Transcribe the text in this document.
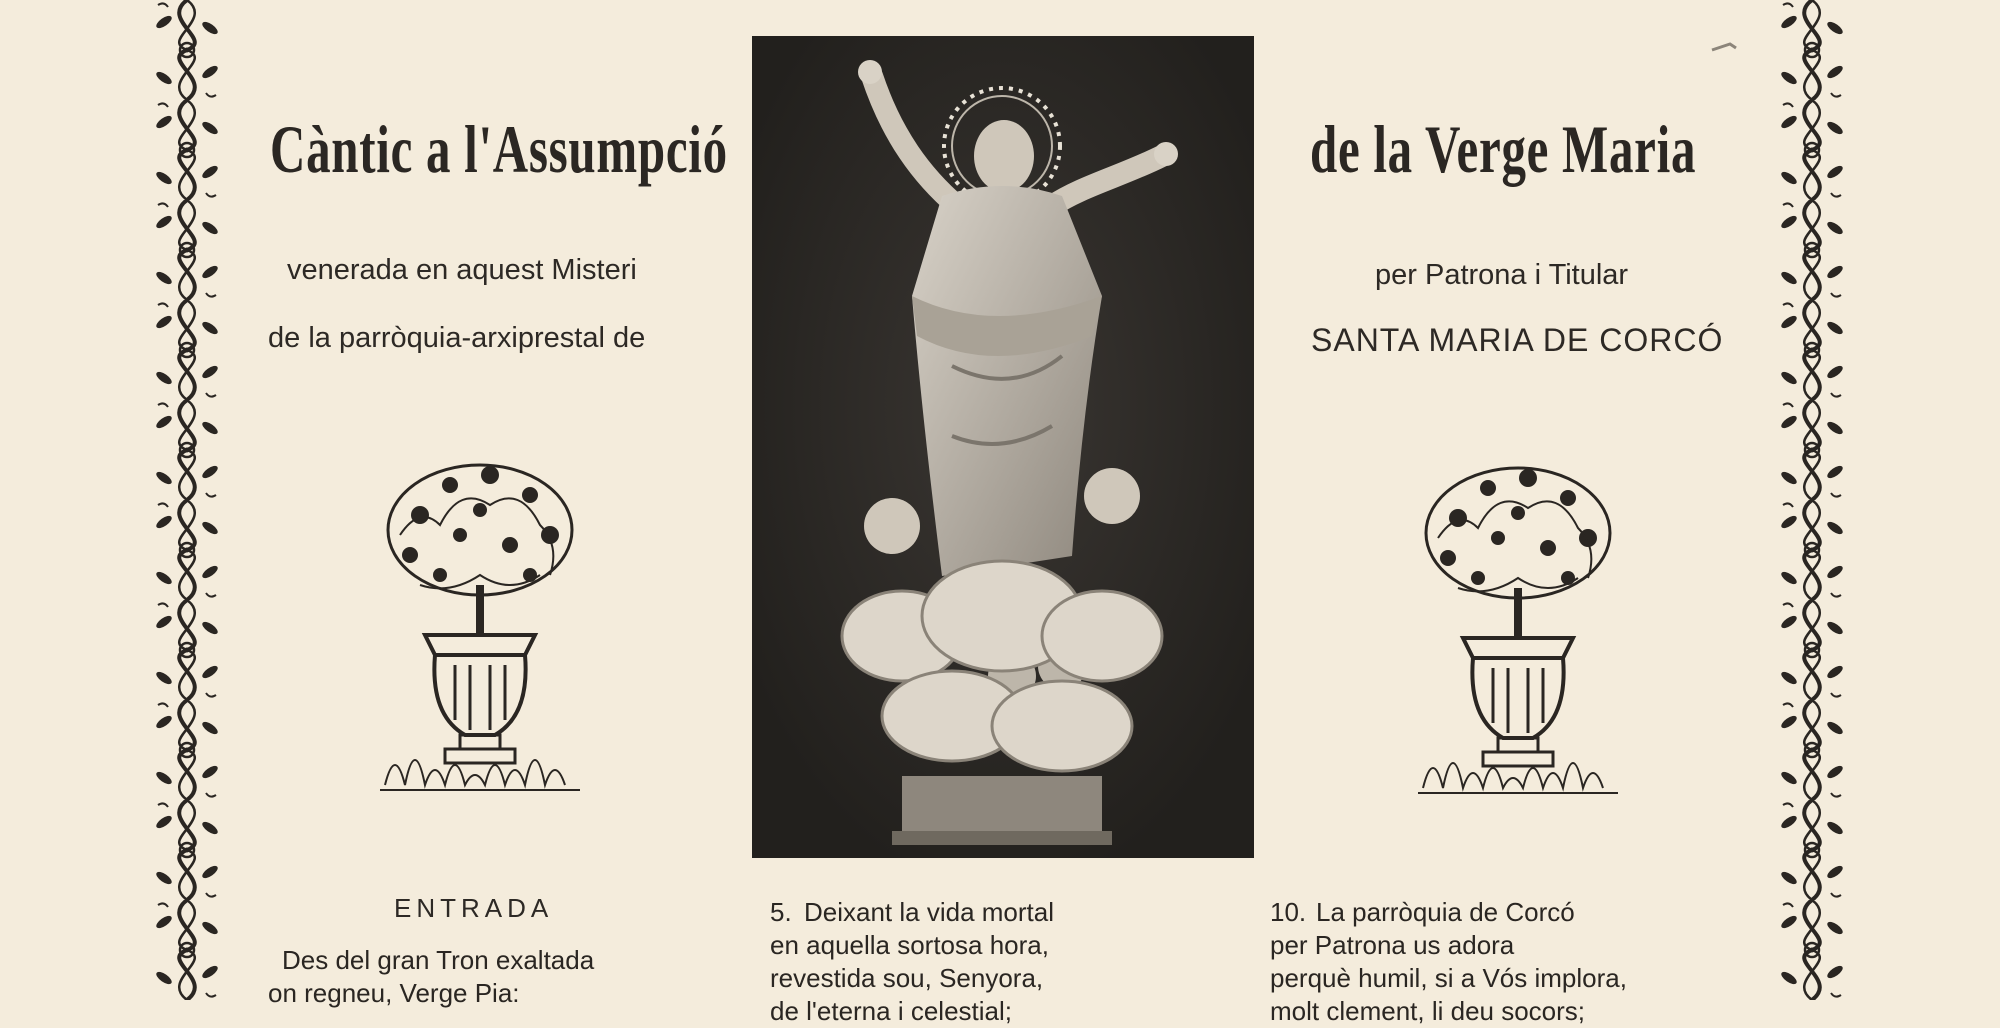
Càntic a l'Assumpció	de la Verge Maria
venerada en aquest Misteri
de la parròquia-arxiprestal de
per Patrona i Titular
SANTA MARIA DE CORCÓ
ENTRADA
Des del gran Tron exaltada
on regneu, Verge Pia:
5. Deixant la vida mortal
en aquella sortosa hora,
revestida sou, Senyora,
de l'eterna i celestial;
10. La parròquia de Corcó
per Patrona us adora
perquè humil, si a Vós implora,
molt clement, li deu socors;
